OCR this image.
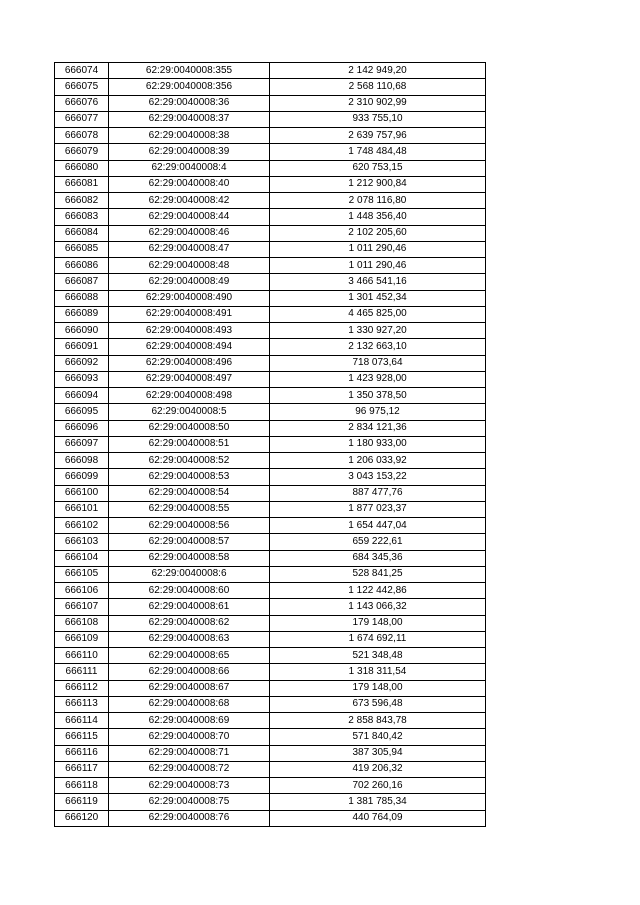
666074	62:29:0040008:355	2 142 949,20
666075	62:29:0040008:356	2 568 110,68
666076	62:29:0040008:36	2 310 902,99
666077	62:29:0040008:37	933 755,10
666078	62:29:0040008:38	2 639 757,96
666079	62:29:0040008:39	1 748 484,48
666080	62:29:0040008:4	620 753,15
666081	62:29:0040008:40	1 212 900,84
666082	62:29:0040008:42	2 078 116,80
666083	62:29:0040008:44	1 448 356,40
666084	62:29:0040008:46	2 102 205,60
666085	62:29:0040008:47	1 011 290,46
666086	62:29:0040008:48	1 011 290,46
666087	62:29:0040008:49	3 466 541,16
666088	62:29:0040008:490	1 301 452,34
666089	62:29:0040008:491	4 465 825,00
666090	62:29:0040008:493	1 330 927,20
666091	62:29:0040008:494	2 132 663,10
666092	62:29:0040008:496	718 073,64
666093	62:29:0040008:497	1 423 928,00
666094	62:29:0040008:498	1 350 378,50
666095	62:29:0040008:5	96 975,12
666096	62:29:0040008:50	2 834 121,36
666097	62:29:0040008:51	1 180 933,00
666098	62:29:0040008:52	1 206 033,92
666099	62:29:0040008:53	3 043 153,22
666100	62:29:0040008:54	887 477,76
666101	62:29:0040008:55	1 877 023,37
666102	62:29:0040008:56	1 654 447,04
666103	62:29:0040008:57	659 222,61
666104	62:29:0040008:58	684 345,36
666105	62:29:0040008:6	528 841,25
666106	62:29:0040008:60	1 122 442,86
666107	62:29:0040008:61	1 143 066,32
666108	62:29:0040008:62	179 148,00
666109	62:29:0040008:63	1 674 692,11
666110	62:29:0040008:65	521 348,48
666111	62:29:0040008:66	1 318 311,54
666112	62:29:0040008:67	179 148,00
666113	62:29:0040008:68	673 596,48
666114	62:29:0040008:69	2 858 843,78
666115	62:29:0040008:70	571 840,42
666116	62:29:0040008:71	387 305,94
666117	62:29:0040008:72	419 206,32
666118	62:29:0040008:73	702 260,16
666119	62:29:0040008:75	1 381 785,34
666120	62:29:0040008:76	440 764,09
